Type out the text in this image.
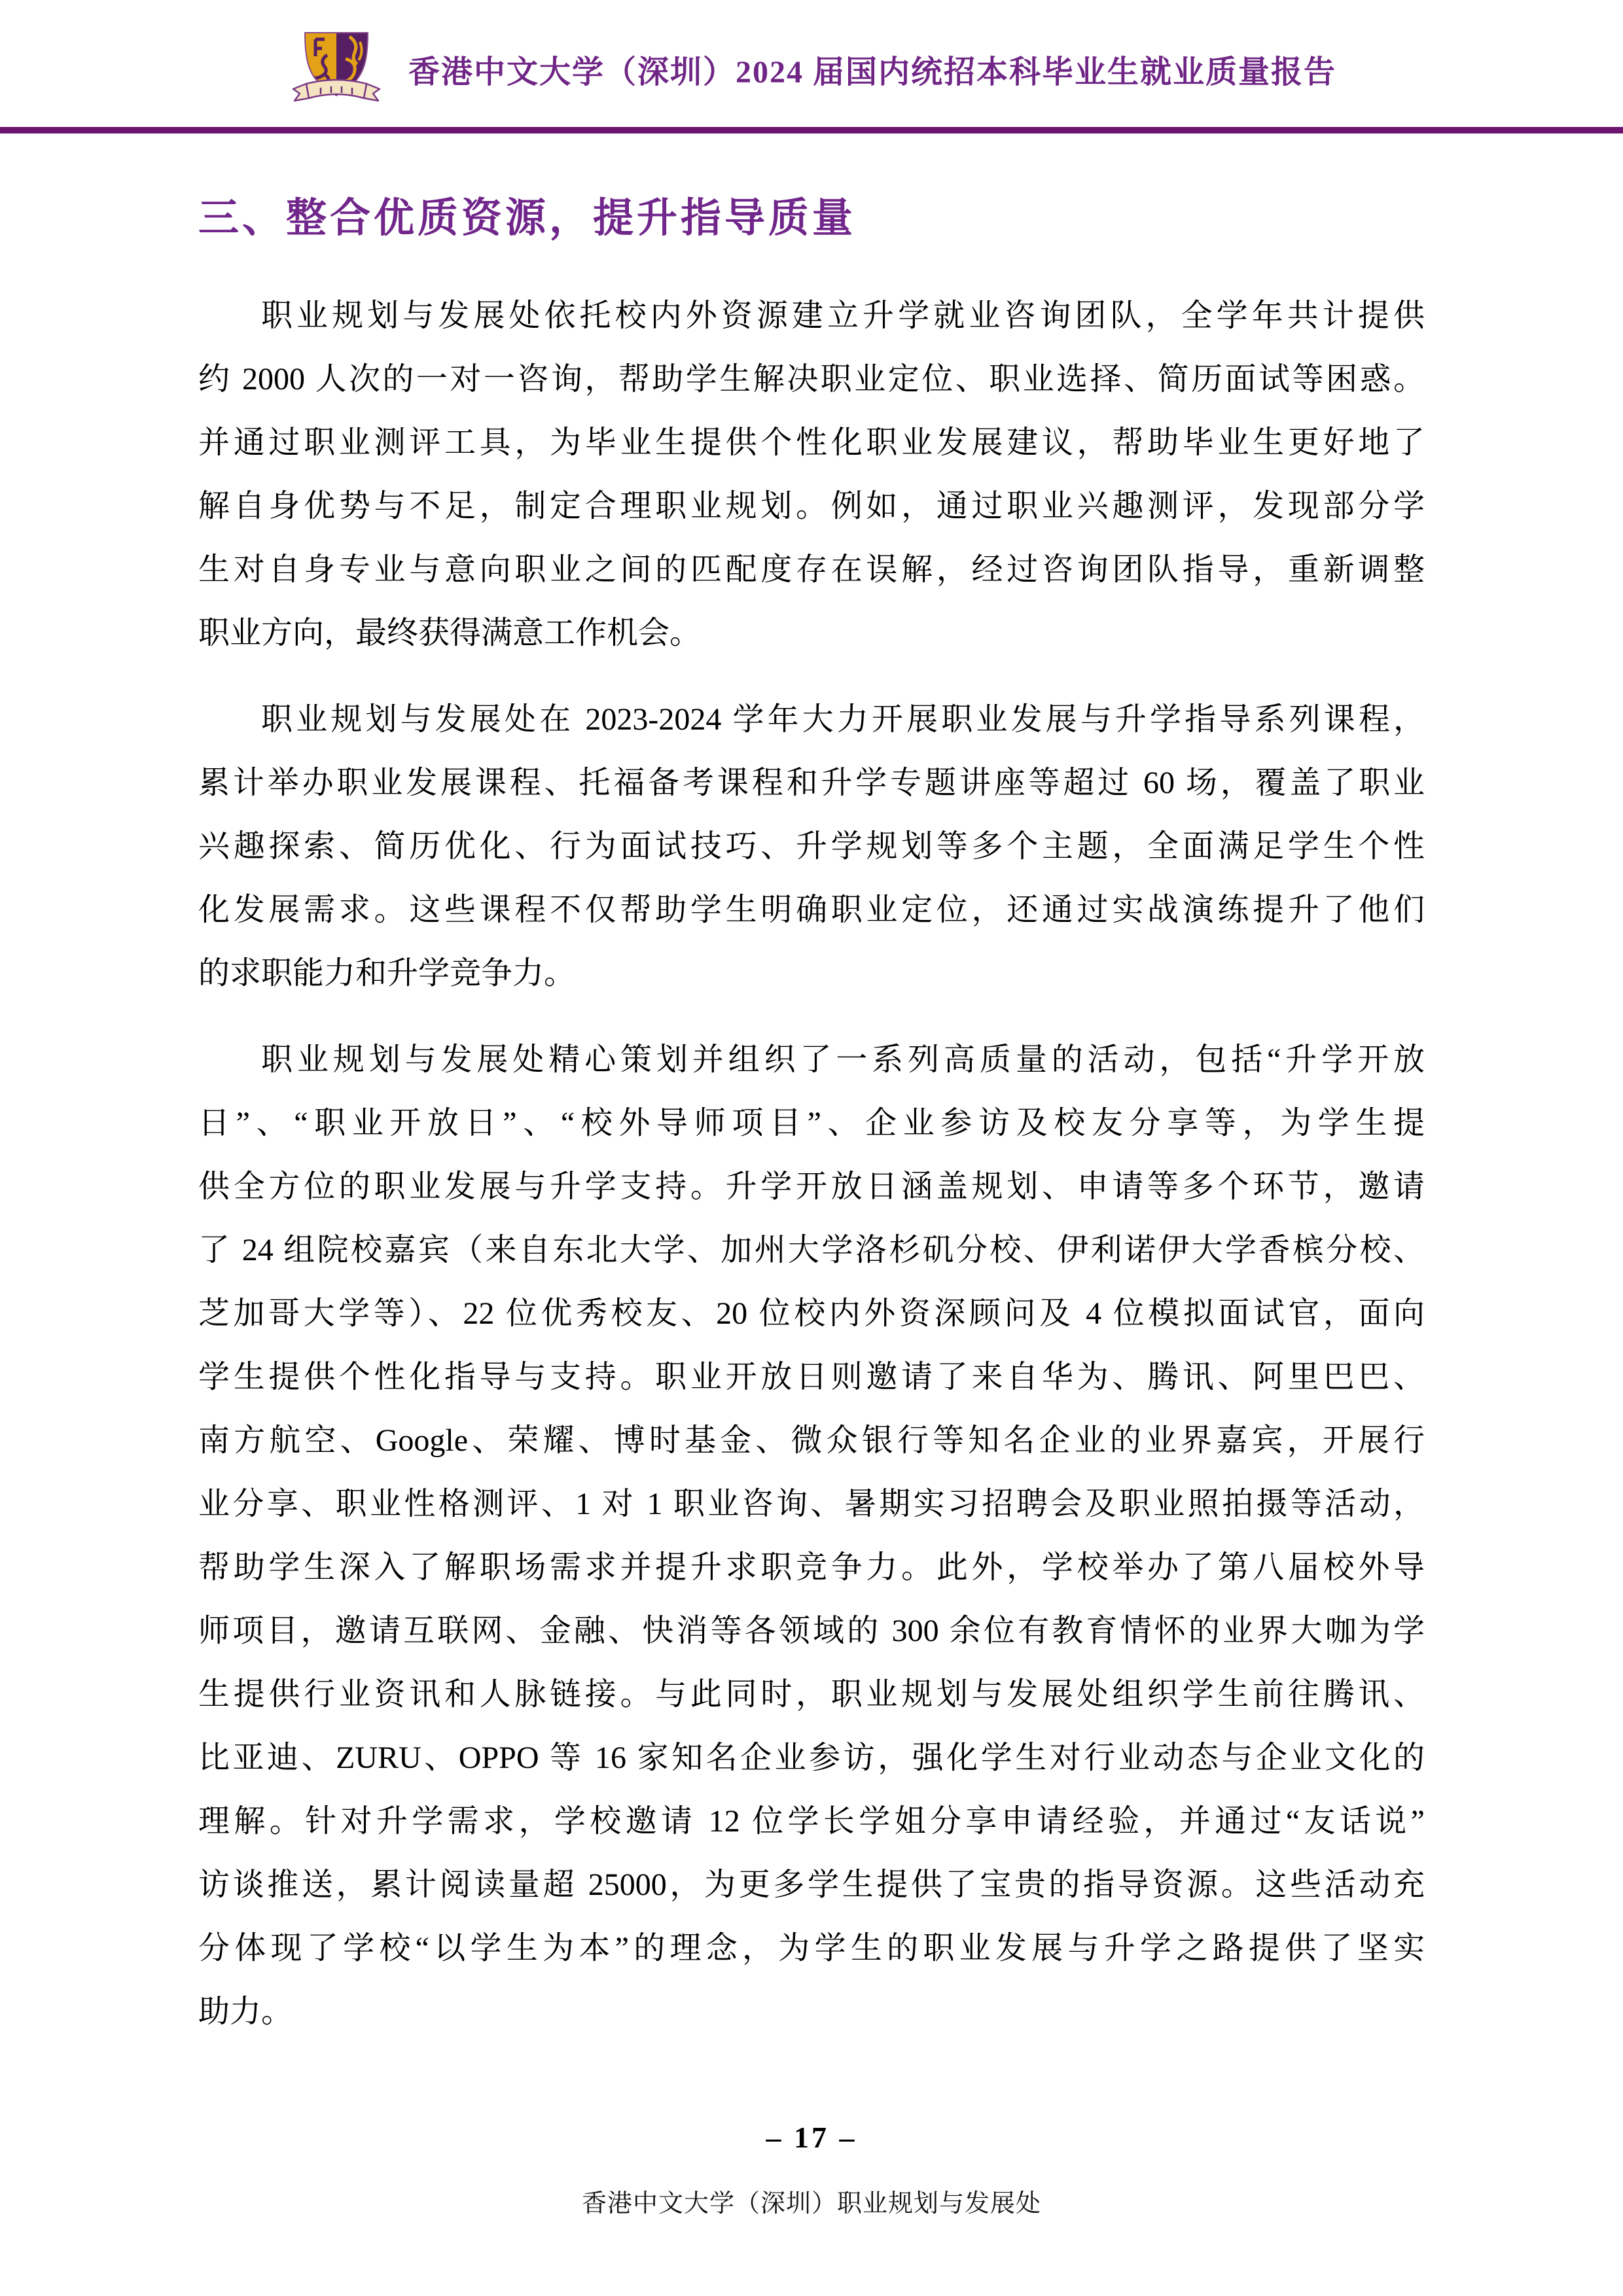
香港中文大学（深圳）2024 届国内统招本科毕业生就业质量报告
三、整合优质资源，提升指导质量
职业规划与发展处依托校内外资源建立升学就业咨询团队，全学年共计提供
约 2000 人次的一对一咨询，帮助学生解决职业定位、职业选择、简历面试等困惑。
并通过职业测评工具，为毕业生提供个性化职业发展建议，帮助毕业生更好地了
解自身优势与不足，制定合理职业规划。例如，通过职业兴趣测评，发现部分学
生对自身专业与意向职业之间的匹配度存在误解，经过咨询团队指导，重新调整
职业方向，最终获得满意工作机会。
职业规划与发展处在 2023-2024 学年大力开展职业发展与升学指导系列课程，
累计举办职业发展课程、托福备考课程和升学专题讲座等超过 60 场，覆盖了职业
兴趣探索、简历优化、行为面试技巧、升学规划等多个主题，全面满足学生个性
化发展需求。这些课程不仅帮助学生明确职业定位，还通过实战演练提升了他们
的求职能力和升学竞争力。
职业规划与发展处精心策划并组织了一系列高质量的活动，包括“升学开放
日”、“职业开放日”、“校外导师项目”、企业参访及校友分享等，为学生提
供全方位的职业发展与升学支持。升学开放日涵盖规划、申请等多个环节，邀请
了 24 组院校嘉宾（来自东北大学、加州大学洛杉矶分校、伊利诺伊大学香槟分校、
芝加哥大学等）、22 位优秀校友、20 位校内外资深顾问及 4 位模拟面试官，面向
学生提供个性化指导与支持。职业开放日则邀请了来自华为、腾讯、阿里巴巴、
南方航空、Google、荣耀、博时基金、微众银行等知名企业的业界嘉宾，开展行
业分享、职业性格测评、1 对 1 职业咨询、暑期实习招聘会及职业照拍摄等活动，
帮助学生深入了解职场需求并提升求职竞争力。此外，学校举办了第八届校外导
师项目，邀请互联网、金融、快消等各领域的 300 余位有教育情怀的业界大咖为学
生提供行业资讯和人脉链接。与此同时，职业规划与发展处组织学生前往腾讯、
比亚迪、ZURU、OPPO 等 16 家知名企业参访，强化学生对行业动态与企业文化的
理解。针对升学需求，学校邀请 12 位学长学姐分享申请经验，并通过“友话说”
访谈推送，累计阅读量超 25000，为更多学生提供了宝贵的指导资源。这些活动充
分体现了学校“以学生为本”的理念，为学生的职业发展与升学之路提供了坚实
助力。
– 17 –
香港中文大学（深圳）职业规划与发展处
